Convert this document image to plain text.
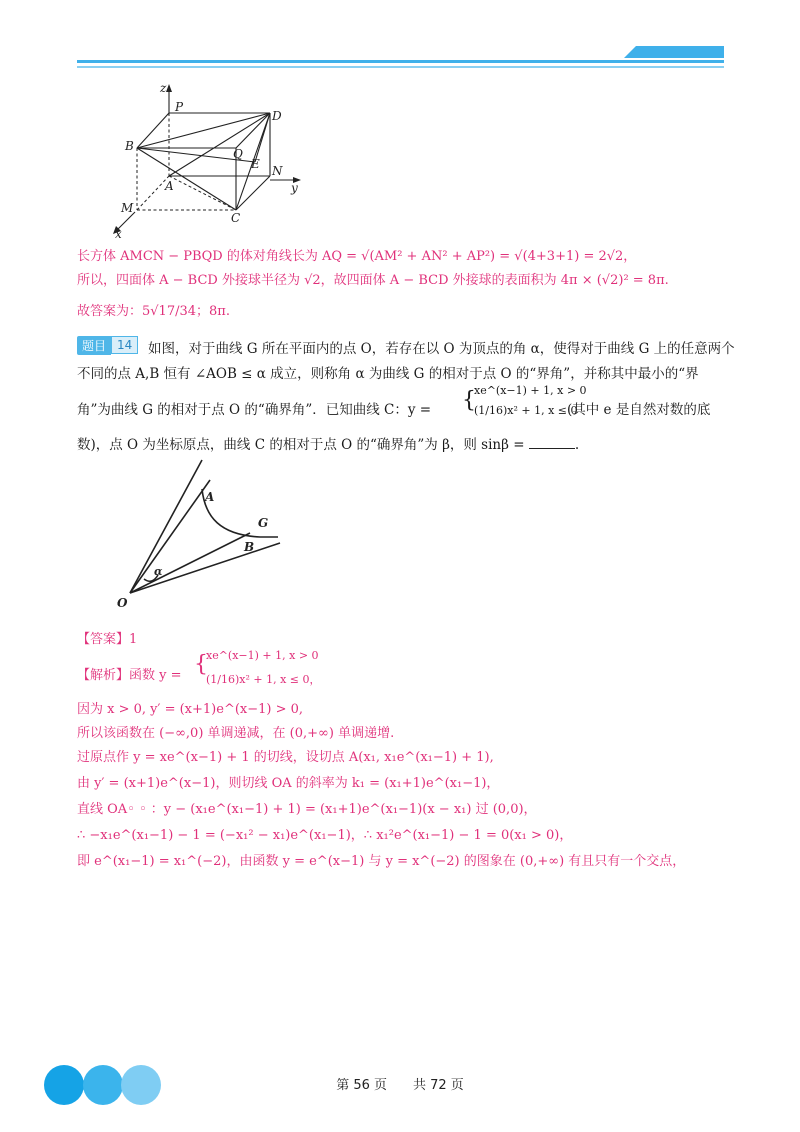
z
P
D
B
Q
E N
A	y
M
C
x
长方体 AMCN − PBQD 的体对角线长为 AQ = √(AM² + AN² + AP²) = √(4+3+1) = 2√2，
所以，四面体 A − BCD 外接球半径为 √2，故四面体 A − BCD 外接球的表面积为 4π × (√2)² = 8π.
故答案为：5√17/34；8π.
题目 14	如图，对于曲线 G 所在平面内的点 O，若存在以 O 为顶点的角 α，使得对于曲线 G 上的任意两个
不同的点 A,B 恒有 ∠AOB ≤ α 成立，则称角 α 为曲线 G 的相对于点 O 的“界角”，并称其中最小的“界
角”为曲线 G 的相对于点 O 的“确界角”．已知曲线 C：y = {
xe^(x−1) + 1, x > 0
(1/16)x² + 1, x ≤ 0
(其中 e 是自然对数的底
数)，点 O 为坐标原点，曲线 C 的相对于点 O 的“确界角”为 β，则 sinβ =	.
A
G
B
α
O
【答案】1
【解析】函数 y = {
xe^(x−1) + 1, x > 0
(1/16)x² + 1, x ≤ 0，
因为 x > 0, y′ = (x+1)e^(x−1) > 0,
所以该函数在 (−∞,0) 单调递减，在 (0,+∞) 单调递增.
过原点作 y = xe^(x−1) + 1 的切线，设切点 A(x₁, x₁e^(x₁−1) + 1),
由 y′ = (x+1)e^(x−1)，则切线 OA 的斜率为 k₁ = (x₁+1)e^(x₁−1)，
直线 OA◦ ◦ ：y − (x₁e^(x₁−1) + 1) = (x₁+1)e^(x₁−1)(x − x₁) 过 (0,0)，
∴ −x₁e^(x₁−1) − 1 = (−x₁² − x₁)e^(x₁−1)，∴ x₁²e^(x₁−1) − 1 = 0(x₁ > 0)，
即 e^(x₁−1) = x₁^(−2)，由函数 y = e^(x−1) 与 y = x^(−2) 的图象在 (0,+∞) 有且只有一个交点，
第 56 页　　共 72 页
